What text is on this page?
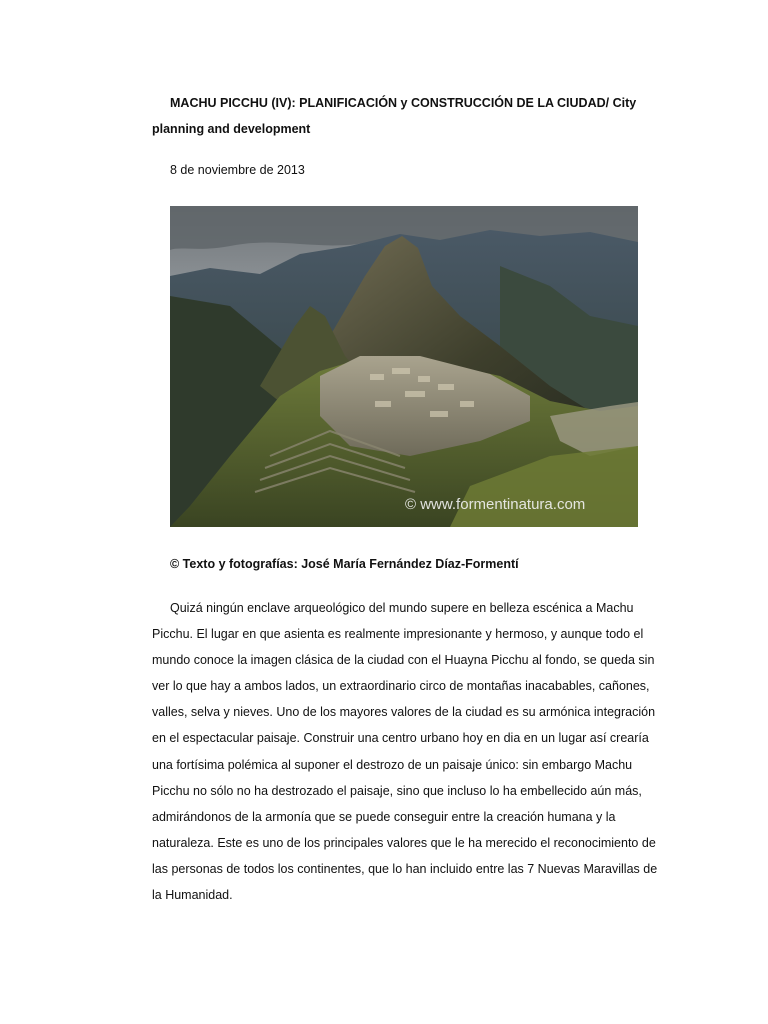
MACHU PICCHU (IV): PLANIFICACIÓN y CONSTRUCCIÓN DE LA CIUDAD/ City planning and development

8 de noviembre de 2013

© www.formentinatura.com

© Texto y fotografías: José María Fernández Díaz-Formentí

Quizá ningún enclave arqueológico del mundo supere en belleza escénica a Machu Picchu. El lugar en que asienta es realmente impresionante y hermoso, y aunque todo el mundo conoce la imagen clásica de la ciudad con el Huayna Picchu al fondo, se queda sin ver lo que hay a ambos lados, un extraordinario circo de montañas inacabables, cañones, valles, selva y nieves. Uno de los mayores valores de la ciudad es su armónica integración en el espectacular paisaje. Construir una centro urbano hoy en dia en un lugar así crearía una fortísima polémica al suponer el destrozo de un paisaje único: sin embargo Machu Picchu no sólo no ha destrozado el paisaje, sino que incluso lo ha embellecido aún más, admirándonos de la armonía que se puede conseguir entre la creación humana y la naturaleza. Este es uno de los principales valores que le ha merecido el reconocimiento de las personas de todos los continentes, que lo han incluido entre las 7 Nuevas Maravillas de la Humanidad.
